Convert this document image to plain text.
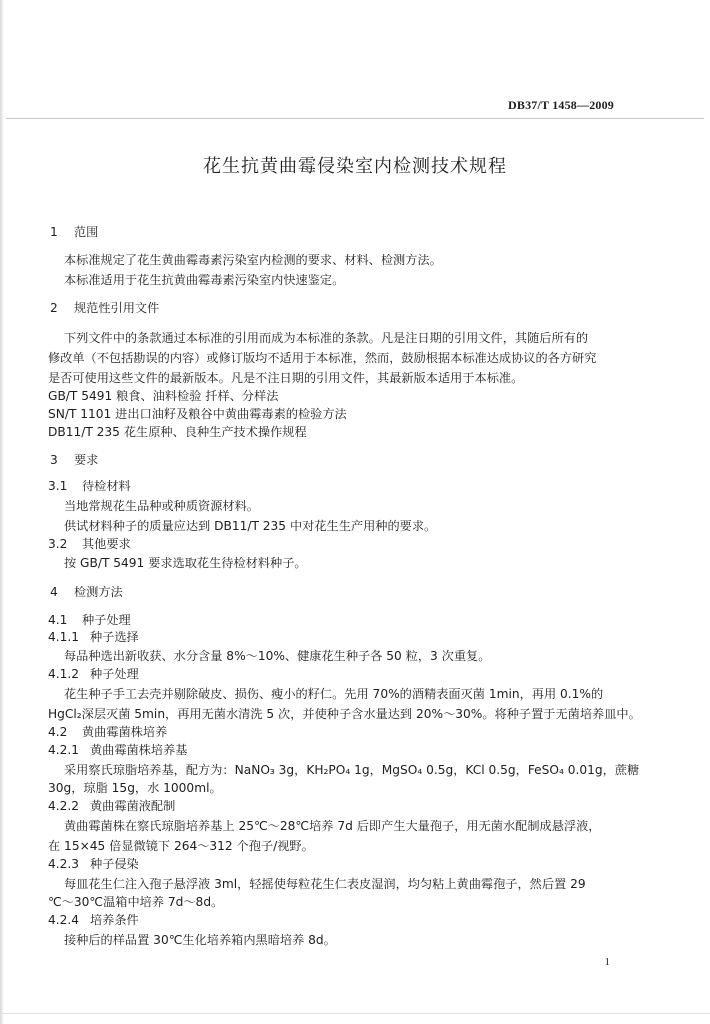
DB37/T 1458—2009
花生抗黄曲霉侵染室内检测技术规程
1 范围
本标准规定了花生黄曲霉毒素污染室内检测的要求、材料、检测方法。
本标准适用于花生抗黄曲霉毒素污染室内快速鉴定。
2 规范性引用文件
下列文件中的条款通过本标准的引用而成为本标准的条款。凡是注日期的引用文件，其随后所有的
修改单（不包括勘误的内容）或修订版均不适用于本标准，然而，鼓励根据本标准达成协议的各方研究
是否可使用这些文件的最新版本。凡是不注日期的引用文件，其最新版本适用于本标准。
GB/T 5491 粮食、油料检验 扦样、分样法
SN/T 1101 进出口油籽及粮谷中黄曲霉毒素的检验方法
DB11/T 235 花生原种、良种生产技术操作规程
3 要求
3.1 待检材料
当地常规花生品种或种质资源材料。
供试材料种子的质量应达到 DB11/T 235 中对花生生产用种的要求。
3.2 其他要求
按 GB/T 5491 要求选取花生待检材料种子。
4 检测方法
4.1 种子处理
4.1.1 种子选择
每品种选出新收获、水分含量 8%～10%、健康花生种子各 50 粒，3 次重复。
4.1.2 种子处理
花生种子手工去壳并剔除破皮、损伤、瘦小的籽仁。先用 70%的酒精表面灭菌 1min，再用 0.1%的
HgCl₂深层灭菌 5min，再用无菌水清洗 5 次，并使种子含水量达到 20%～30%。将种子置于无菌培养皿中。
4.2 黄曲霉菌株培养
4.2.1 黄曲霉菌株培养基
采用察氏琼脂培养基，配方为：NaNO₃ 3g，KH₂PO₄ 1g，MgSO₄ 0.5g，KCl 0.5g，FeSO₄ 0.01g，蔗糖
30g，琼脂 15g，水 1000ml。
4.2.2 黄曲霉菌液配制
黄曲霉菌株在察氏琼脂培养基上 25℃～28℃培养 7d 后即产生大量孢子，用无菌水配制成悬浮液，
在 15×45 倍显微镜下 264～312 个孢子/视野。
4.2.3 种子侵染
每皿花生仁注入孢子悬浮液 3ml，轻摇使每粒花生仁表皮湿润，均匀粘上黄曲霉孢子，然后置 29
℃～30℃温箱中培养 7d～8d。
4.2.4 培养条件
接种后的样品置 30℃生化培养箱内黑暗培养 8d。
1
